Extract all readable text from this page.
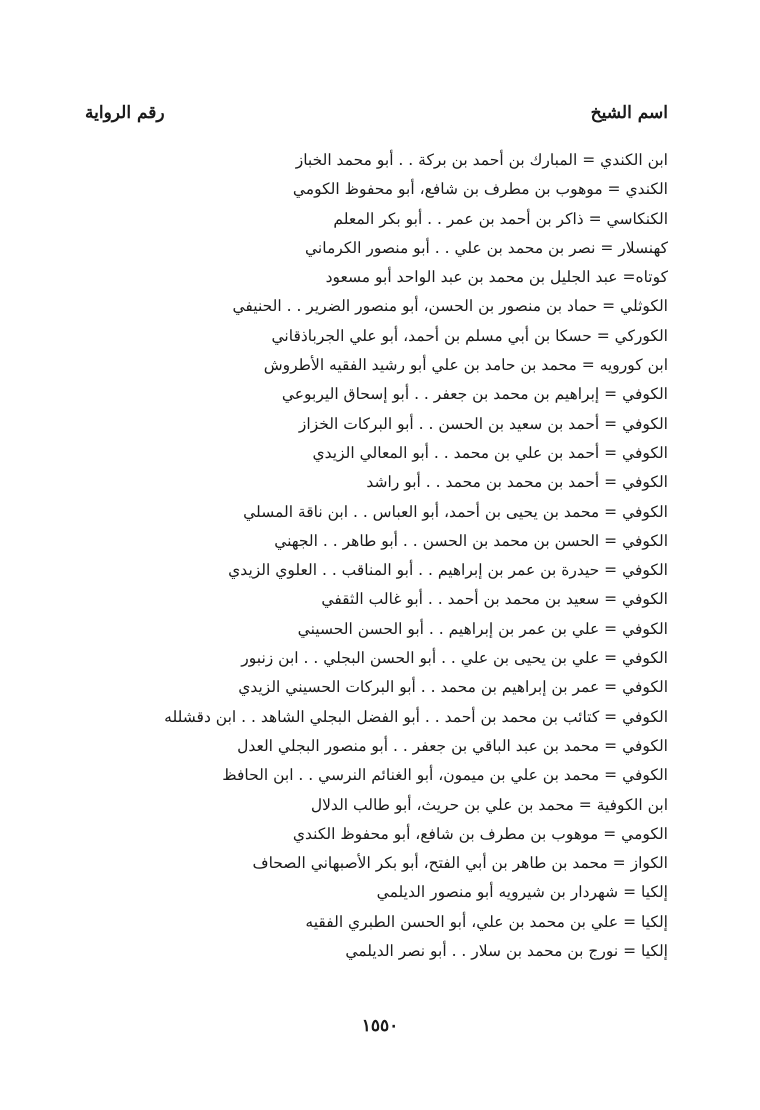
اسم الشيخ
رقم الرواية
ابن الكندي = المبارك بن أحمد بن بركة . . أبو محمد الخباز
الكندي = موهوب بن مطرف بن شافع، أبو محفوظ الكومي
الكنكاسي = ذاكر بن أحمد بن عمر . . أبو بكر المعلم
كهنسلار = نصر بن محمد بن علي . . أبو منصور الكرماني
كوتاه= عبد الجليل بن محمد بن عبد الواحد أبو مسعود
الكوثلي = حماد بن منصور بن الحسن، أبو منصور الضرير . . الحنيفي
الكوركي = حسكا بن أبي مسلم بن أحمد، أبو علي الجرباذقاني
ابن كورويه = محمد بن حامد بن علي أبو رشيد الفقيه الأطروش
الكوفي = إبراهيم بن محمد بن جعفر . . أبو إسحاق اليربوعي
الكوفي = أحمد بن سعيد بن الحسن . . أبو البركات الخزاز
الكوفي = أحمد بن علي بن محمد . . أبو المعالي الزيدي
الكوفي = أحمد بن محمد بن محمد . . أبو راشد
الكوفي = محمد بن يحيى بن أحمد، أبو العباس . . ابن ناقة المسلي
الكوفي = الحسن بن محمد بن الحسن . . أبو طاهر . . الجهني
الكوفي = حيدرة بن عمر بن إبراهيم . . أبو المناقب . . العلوي الزيدي
الكوفي = سعيد بن محمد بن أحمد . . أبو غالب الثقفي
الكوفي = علي بن عمر بن إبراهيم . . أبو الحسن الحسيني
الكوفي = علي بن يحيى بن علي . . أبو الحسن البجلي . . ابن زنبور
الكوفي = عمر بن إبراهيم بن محمد . . أبو البركات الحسيني الزيدي
الكوفي = كتائب بن محمد بن أحمد . . أبو الفضل البجلي الشاهد . . ابن دقشلله
الكوفي = محمد بن عبد الباقي بن جعفر . . أبو منصور البجلي العدل
الكوفي = محمد بن علي بن ميمون، أبو الغنائم النرسي . . ابن الحافظ
ابن الكوفية = محمد بن علي بن حريث، أبو طالب الدلال
الكومي = موهوب بن مطرف بن شافع، أبو محفوظ الكندي
الكواز = محمد بن طاهر بن أبي الفتح، أبو بكر الأصبهاني الصحاف
إلكيا = شهردار بن شيرويه أبو منصور الديلمي
إلكيا = علي بن محمد بن علي، أبو الحسن الطبري الفقيه
إلكيا = نورج بن محمد بن سلار . . أبو نصر الديلمي
١٥٥٠
